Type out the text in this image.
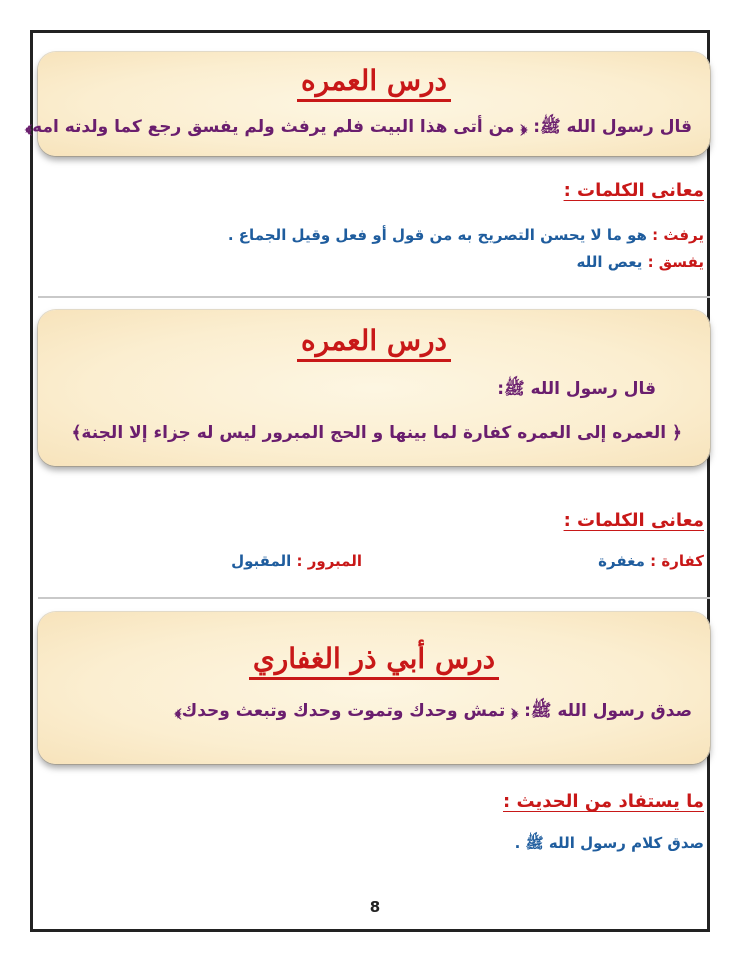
درس العمره
قال رسول الله ﷺ: ﴿ من أتى هذا البيت فلم يرفث ولم يفسق رجع كما ولدته امه﴾
معانى الكلمات :
يرفث : هو ما لا يحسن التصريح به من قول أو فعل وقيل الجماع .
يفسق : يعص الله
درس العمره
قال رسول الله ﷺ:
﴿ العمره إلى العمره كفارة لما بينها و الحج المبرور ليس له جزاء إلا الجنة﴾
معانى الكلمات :
كفارة : مغفرة
المبرور : المقبول
درس أبي ذر الغفاري
صدق رسول الله ﷺ: ﴿ تمش وحدك وتموت وحدك وتبعث وحدك﴾
ما يستفاد من الحديث :
صدق كلام رسول الله ﷺ .
8
